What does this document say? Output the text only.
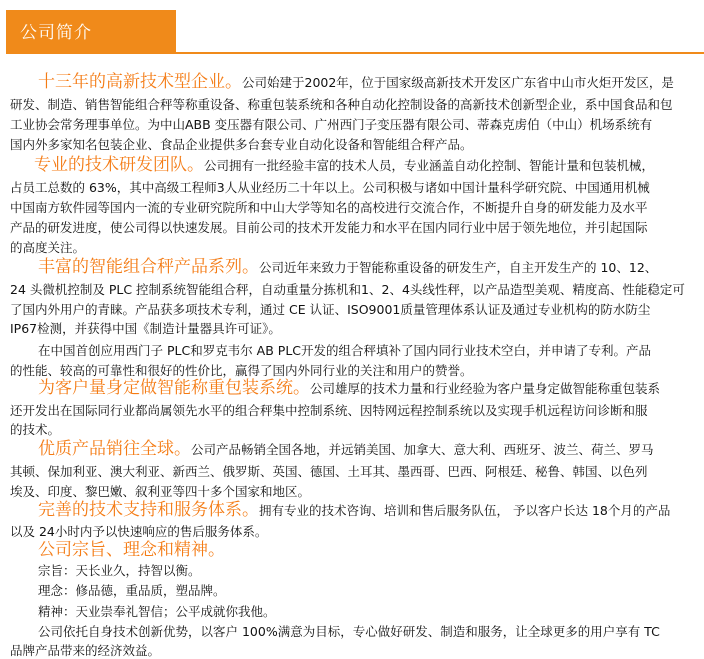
公司简介
十三年的高新技术型企业。公司始建于2002年，位于国家级高新技术开发区广东省中山市火炬开发区，是
研发、制造、销售智能组合秤等称重设备、称重包装系统和各种自动化控制设备的高新技术创新型企业，系中国食品和包
工业协会常务理事单位。为中山ABB 变压器有限公司、广州西门子变压器有限公司、蒂森克虏伯（中山）机场系统有
国内外多家知名包装企业、食品企业提供多台套专业自动化设备和智能组合秤产品。
专业的技术研发团队。公司拥有一批经验丰富的技术人员，专业涵盖自动化控制、智能计量和包装机械，
占员工总数的 63%，其中高级工程师3人从业经历二十年以上。公司积极与诸如中国计量科学研究院、中国通用机械
中国南方软件园等国内一流的专业研究院所和中山大学等知名的高校进行交流合作，不断提升自身的研发能力及水平
产品的研发进度，使公司得以快速发展。目前公司的技术开发能力和水平在国内同行业中居于领先地位，并引起国际
的高度关注。
丰富的智能组合秤产品系列。公司近年来致力于智能称重设备的研发生产，自主开发生产的 10、12、
24 头微机控制及 PLC 控制系统智能组合秤，自动重量分拣机和1、2、4头线性秤，以产品造型美观、精度高、性能稳定可
了国内外用户的青睐。产品获多项技术专利，通过 CE 认证、ISO9001质量管理体系认证及通过专业机构的防水防尘
IP67检测，并获得中国《制造计量器具许可证》。
在中国首创应用西门子 PLC和罗克韦尔 AB PLC开发的组合秤填补了国内同行业技术空白，并申请了专利。产品
的性能、较高的可靠性和很好的性价比，赢得了国内外同行业的关注和用户的赞誉。
为客户量身定做智能称重包装系统。公司雄厚的技术力量和行业经验为客户量身定做智能称重包装系
还开发出在国际同行业都尚属领先水平的组合秤集中控制系统、因特网远程控制系统以及实现手机远程访问诊断和服
的技术。
优质产品销往全球。公司产品畅销全国各地，并远销美国、加拿大、意大利、西班牙、波兰、荷兰、罗马
其顿、保加利亚、澳大利亚、新西兰、俄罗斯、英国、德国、土耳其、墨西哥、巴西、阿根廷、秘鲁、韩国、以色列
埃及、印度、黎巴嫩、叙利亚等四十多个国家和地区。
完善的技术支持和服务体系。拥有专业的技术咨询、培训和售后服务队伍， 予以客户长达 18个月的产品
以及 24小时内予以快速响应的售后服务体系。
公司宗旨、理念和精神。
宗旨：天长业久，持智以衡。
理念：修品德，重品质，塑品牌。
精神：天业崇奉礼智信；公平成就你我他。
公司依托自身技术创新优势，以客户 100%满意为目标，专心做好研发、制造和服务，让全球更多的用户享有 TC
品牌产品带来的经济效益。
